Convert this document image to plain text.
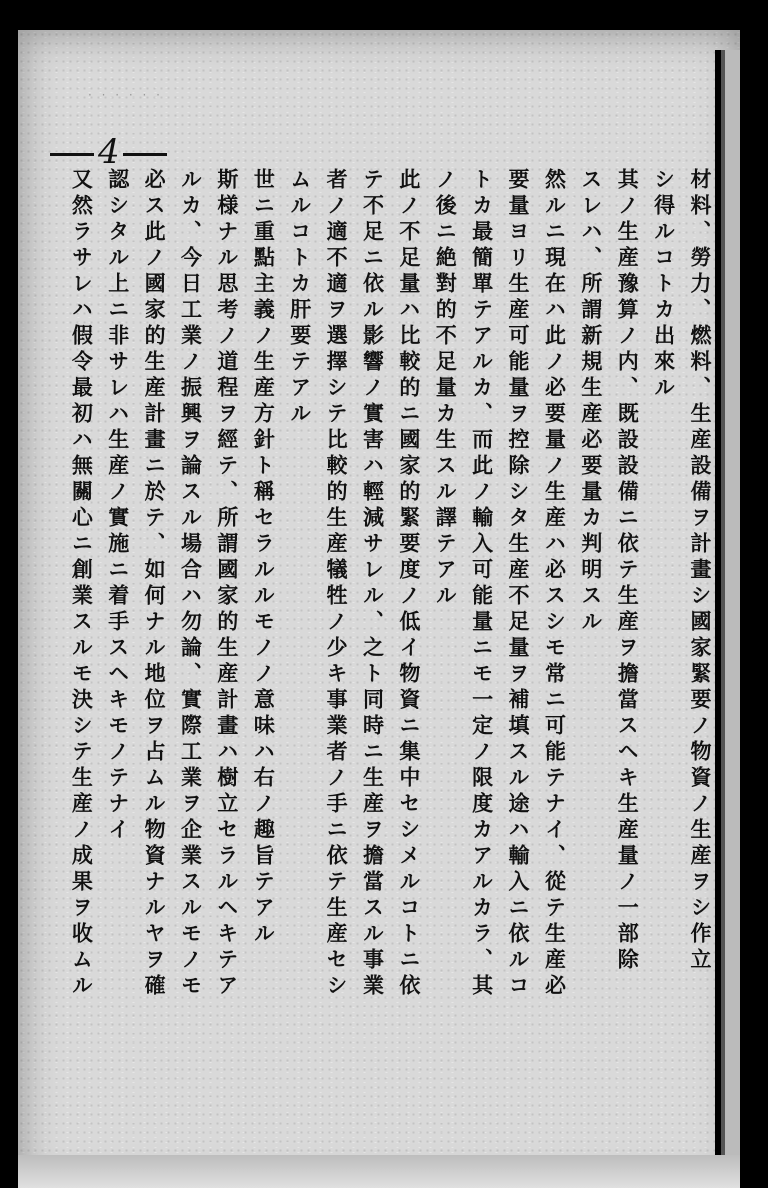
· · · · · ·
4
材料、勞力、燃料、生産設備ヲ計畫シ國家緊要ノ物資ノ生産ヲシ作立
シ得ルコトカ出來ル
其ノ生産豫算ノ内、既設設備ニ依テ生産ヲ擔當スヘキ生産量ノ一部除
スレハ、所謂新規生産必要量カ判明スル
然ルニ現在ハ此ノ必要量ノ生産ハ必スシモ常ニ可能テナイ、從テ生産必
要量ヨリ生産可能量ヲ控除シタ生産不足量ヲ補填スル途ハ輸入ニ依ルコ
トカ最簡單テアルカ、而此ノ輸入可能量ニモ一定ノ限度カアルカラ、其
ノ後ニ絶對的不足量カ生スル譯テアル
此ノ不足量ハ比較的ニ國家的緊要度ノ低イ物資ニ集中セシメルコトニ依
テ不足ニ依ル影響ノ實害ハ輕減サレル、之ト同時ニ生産ヲ擔當スル事業
者ノ適不適ヲ選擇シテ比較的生産犠牲ノ少キ事業者ノ手ニ依テ生産セシ
ムルコトカ肝要テアル
世ニ重點主義ノ生産方針ト稱セラルルモノノ意味ハ右ノ趣旨テアル
斯様ナル思考ノ道程ヲ經テ、所謂國家的生産計畫ハ樹立セラルヘキテア
ルカ、今日工業ノ振興ヲ論スル場合ハ勿論、實際工業ヲ企業スルモノモ
必ス此ノ國家的生産計畫ニ於テ、如何ナル地位ヲ占ムル物資ナルヤヲ確
認シタル上ニ非サレハ生産ノ實施ニ着手スヘキモノテナイ
又然ラサレハ假令最初ハ無關心ニ創業スルモ決シテ生産ノ成果ヲ收ムル
